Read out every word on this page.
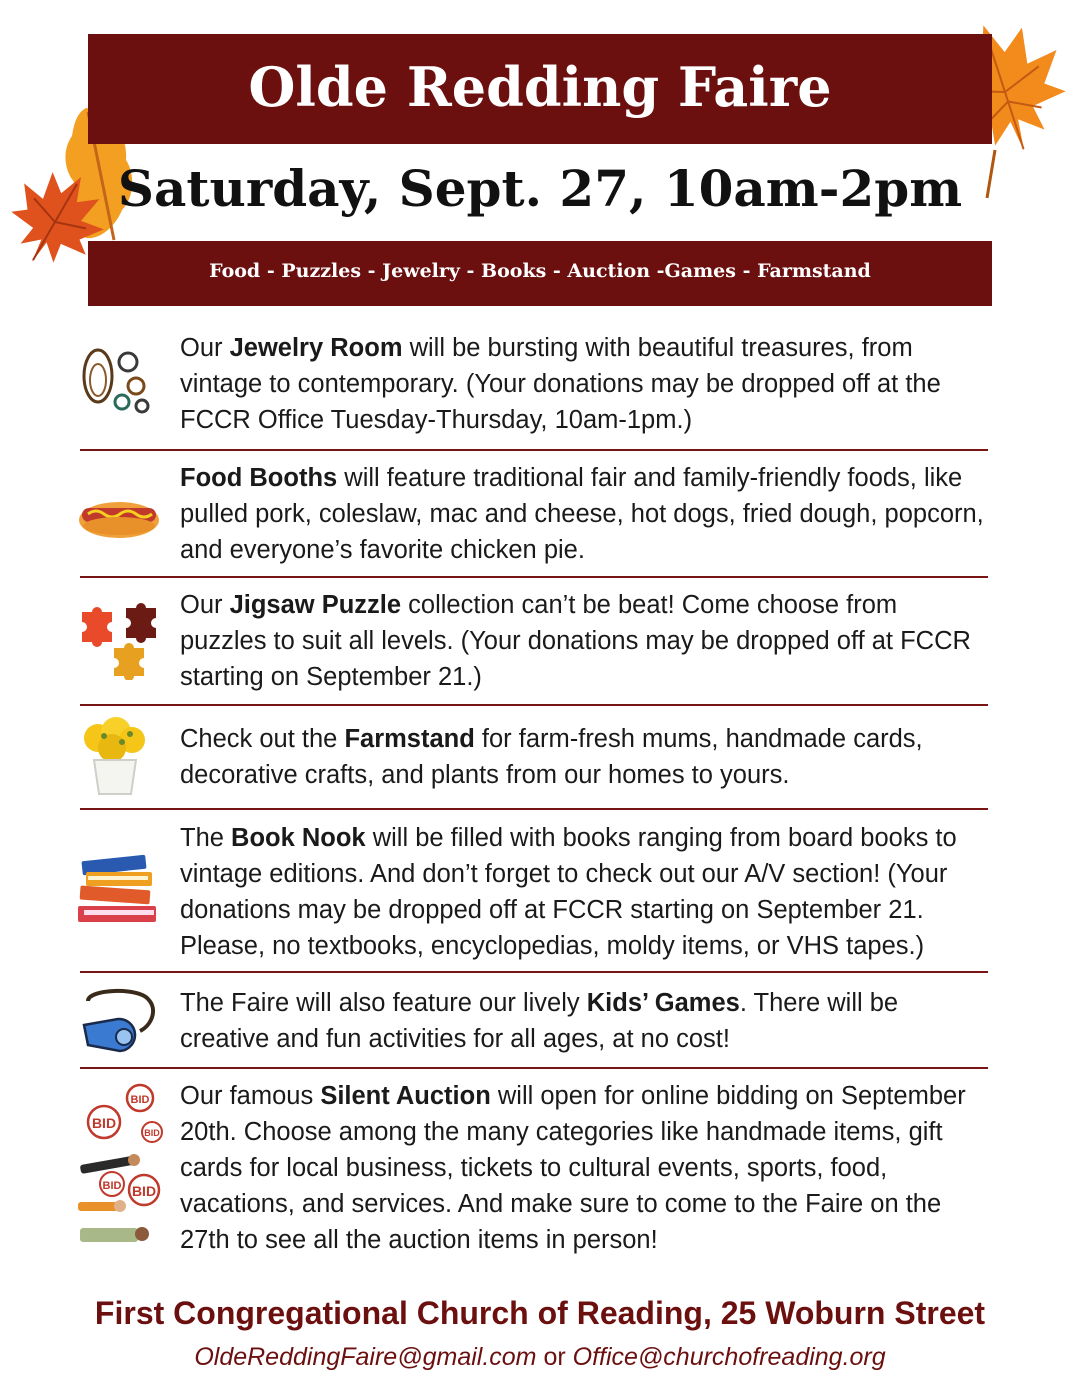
Olde Redding Faire
Saturday, Sept. 27, 10am-2pm
Food - Puzzles - Jewelry - Books - Auction -Games - Farmstand
Our Jewelry Room will be bursting with beautiful treasures, from vintage to contemporary. (Your donations may be dropped off at the FCCR Office Tuesday-Thursday, 10am-1pm.)
Food Booths will feature traditional fair and family-friendly foods, like pulled pork, coleslaw, mac and cheese, hot dogs, fried dough, popcorn, and everyone’s favorite chicken pie.
Our Jigsaw Puzzle collection can’t be beat! Come choose from puzzles to suit all levels. (Your donations may be dropped off at FCCR starting on September 21.)
Check out the Farmstand for farm-fresh mums, handmade cards, decorative crafts, and plants from our homes to yours.
The Book Nook will be filled with books ranging from board books to vintage editions. And don’t forget to check out our A/V section! (Your donations may be dropped off at FCCR starting on September 21. Please, no textbooks, encyclopedias, moldy items, or VHS tapes.)
The Faire will also feature our lively Kids’ Games. There will be creative and fun activities for all ages, at no cost!
BID
BID
BID
BID BID
Our famous Silent Auction will open for online bidding on September 20th. Choose among the many categories like handmade items, gift cards for local business, tickets to cultural events, sports, food, vacations, and services. And make sure to come to the Faire on the 27th to see all the auction items in person!
First Congregational Church of Reading, 25 Woburn Street
OldeReddingFaire@gmail.com or Office@churchofreading.org
